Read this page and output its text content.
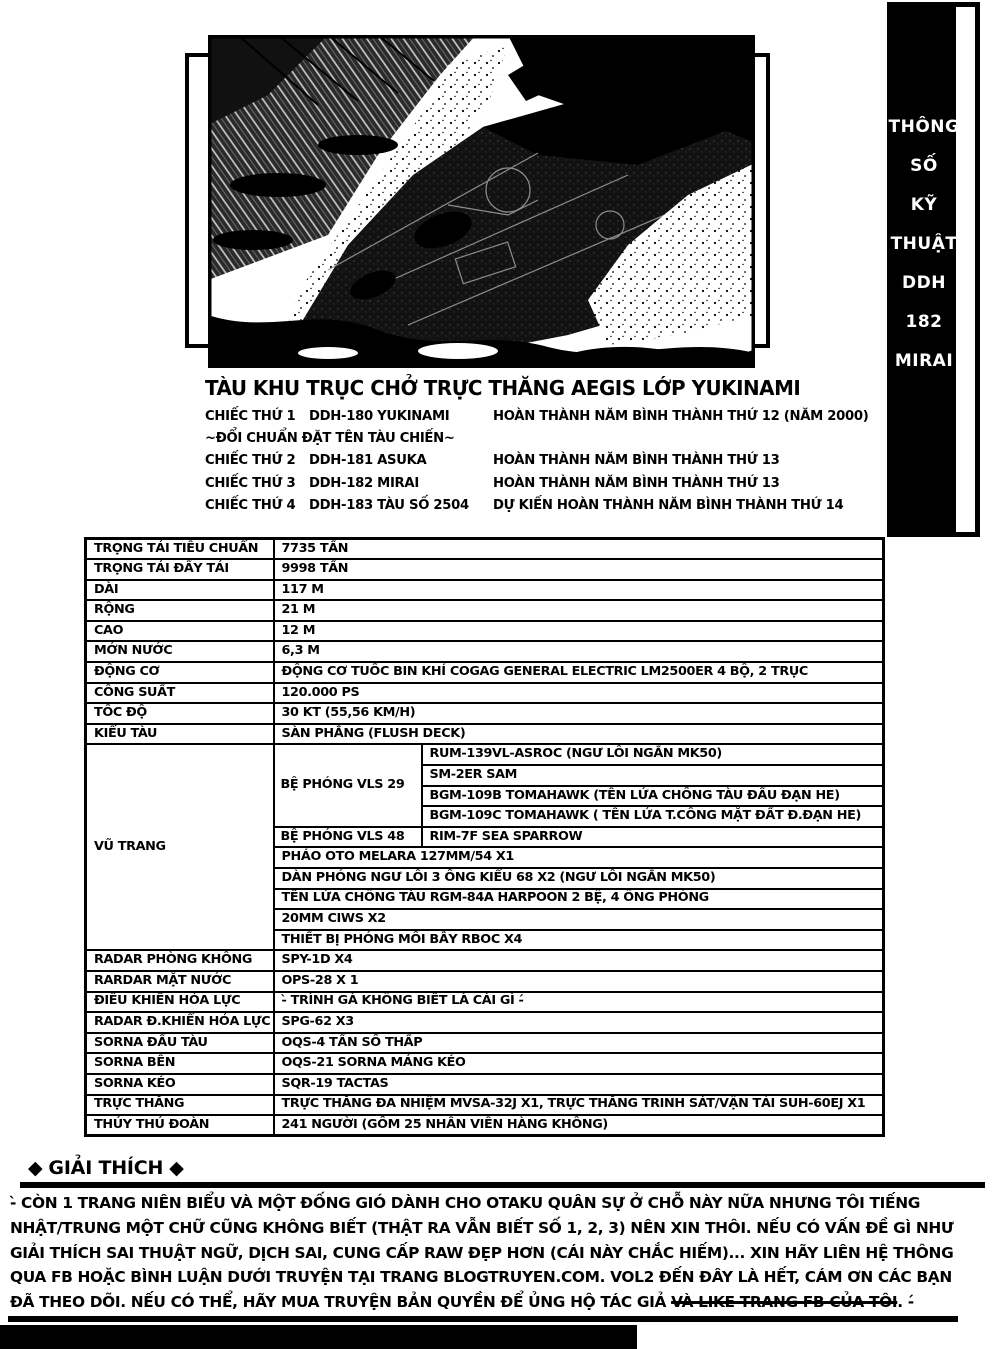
THÔNG
SỐ
KỸ
THUẬT
DDH
182
MIRAI
TÀU KHU TRỤC CHỞ TRỰC THĂNG AEGIS LỚP YUKINAMI
CHIẾC THỨ 1	DDH-180 YUKINAMI	HOÀN THÀNH NĂM BÌNH THÀNH THỨ 12 (NĂM 2000)
~ĐỔI CHUẨN ĐẶT TÊN TÀU CHIẾN~
CHIẾC THỨ 2	DDH-181 ASUKA	HOÀN THÀNH NĂM BÌNH THÀNH THỨ 13
CHIẾC THỨ 3	DDH-182 MIRAI	HOÀN THÀNH NĂM BÌNH THÀNH THỨ 13
CHIẾC THỨ 4	DDH-183 TÀU SỐ 2504	DỰ KIẾN HOÀN THÀNH NĂM BÌNH THÀNH THỨ 14
TRỌNG TẢI TIÊU CHUẨN	7735 TẤN	
TRỌNG TẢI ĐẦY TẢI	9998 TẤN	
DÀI	117 M	
RỘNG	21 M	
CAO	12 M	
MỚN NƯỚC	6,3 M	
ĐỘNG CƠ	ĐỘNG CƠ TUỐC BIN KHÍ COGAG GENERAL ELECTRIC LM2500ER 4 BỘ, 2 TRỤC	
CÔNG SUẤT	120.000 PS	
TỐC ĐỘ	30 KT (55,56 KM/H)	
KIỂU TÀU	SÀN PHẲNG (FLUSH DECK)	
VŨ TRANG	BỆ PHÓNG VLS 29	RUM-139VL-ASROC (NGƯ LÔI NGẮN MK50)
		SM-2ER SAM
		BGM-109B TOMAHAWK (TÊN LỬA CHỐNG TÀU ĐẦU ĐẠN HE)
		BGM-109C TOMAHAWK ( TÊN LỬA T.CÔNG MẶT ĐẤT Đ.ĐẠN HE)
	BỆ PHÓNG VLS 48	RIM-7F SEA SPARROW
	PHÁO OTO MELARA 127MM/54 X1	
	DÀN PHÓNG NGƯ LÔI 3 ỐNG KIỂU 68 X2 (NGƯ LÔI NGẮN MK50)	
	TÊN LỬA CHỐNG TÀU RGM-84A HARPOON 2 BỆ, 4 ỐNG PHÓNG	
	20MM CIWS X2	
	THIẾT BỊ PHÓNG MỒI BẪY RBOC X4	
RADAR PHÒNG KHÔNG	SPY-1D X4	
RARDAR MẶT NƯỚC	OPS-28 X 1	
ĐIỀU KHIỂN HỎA LỰC	-̀ TRÌNH GÀ KHÔNG BIẾT LÀ CÁI GÌ -́	
RADAR Đ.KHIỂN HỎA LỰC	SPG-62 X3	
SORNA ĐẦU TÀU	OQS-4 TẦN SỐ THẤP	
SORNA BÊN	OQS-21 SORNA MẢNG KÉO	
SORNA KÉO	SQR-19 TACTAS	
TRỰC THĂNG	TRỰC THĂNG ĐA NHIỆM MVSA-32J X1, TRỰC THĂNG TRINH SÁT/VẬN TẢI SUH-60EJ X1	
THỦY THỦ ĐOÀN	241 NGƯỜI (GỒM 25 NHÂN VIÊN HÀNG KHÔNG)	
◆ GIẢI THÍCH ◆
-̀ CÒN 1 TRANG NIÊN BIỂU VÀ MỘT ĐỐNG GIÓ DÀNH CHO OTAKU QUÂN SỰ Ở CHỖ NÀY NỮA NHƯNG TÔI TIẾNG
NHẬT/TRUNG MỘT CHỮ CŨNG KHÔNG BIẾT (THẬT RA VẪN BIẾT SỐ 1, 2, 3) NÊN XIN THÔI. NẾU CÓ VẤN ĐỀ GÌ NHƯ
GIẢI THÍCH SAI THUẬT NGỮ, DỊCH SAI, CUNG CẤP RAW ĐẸP HƠN (CÁI NÀY CHẮC HIẾM)... XIN HÃY LIÊN HỆ THÔNG
QUA FB HOẶC BÌNH LUẬN DƯỚI TRUYỆN TẠI TRANG BLOGTRUYEN.COM. VOL2 ĐẾN ĐÂY LÀ HẾT, CÁM ƠN CÁC BẠN
ĐÃ THEO DÕI. NẾU CÓ THỂ, HÃY MUA TRUYỆN BẢN QUYỀN ĐỂ ỦNG HỘ TÁC GIẢ VÀ LIKE TRANG FB CỦA TÔI. -́
